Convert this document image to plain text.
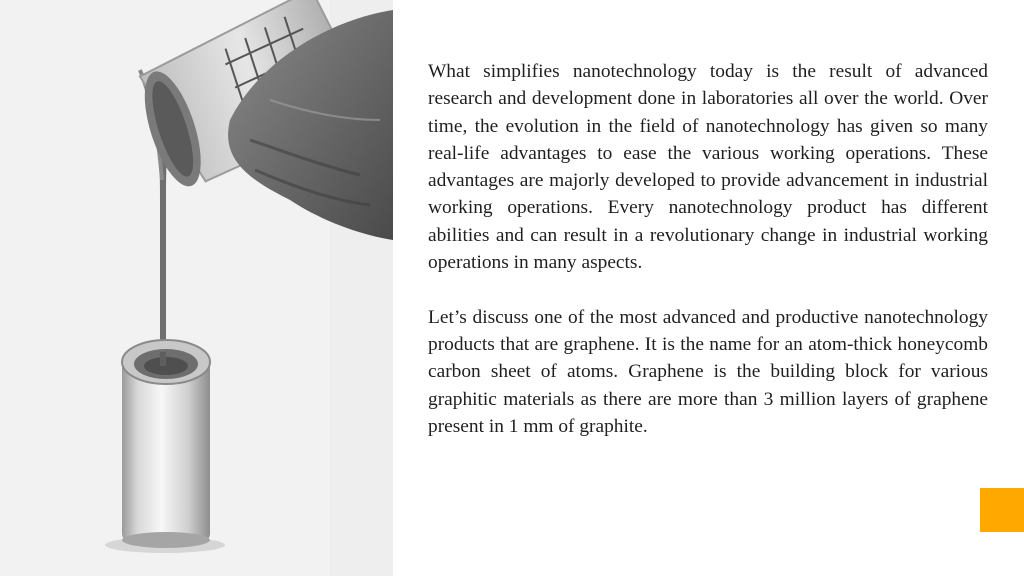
What simplifies nanotechnology today is the result of advanced research and development done in laboratories all over the world. Over time, the evolution in the field of nanotechnology has given so many real-life advantages to ease the various working operations. These advantages are majorly developed to provide advancement in industrial working operations. Every nanotechnology product has different abilities and can result in a revolutionary change in industrial working operations in many aspects.

Let’s discuss one of the most advanced and productive nanotechnology products that are graphene. It is the name for an atom-thick honeycomb carbon sheet of atoms. Graphene is the building block for various graphitic materials as there are more than 3 million layers of graphene present in 1 mm of graphite.
